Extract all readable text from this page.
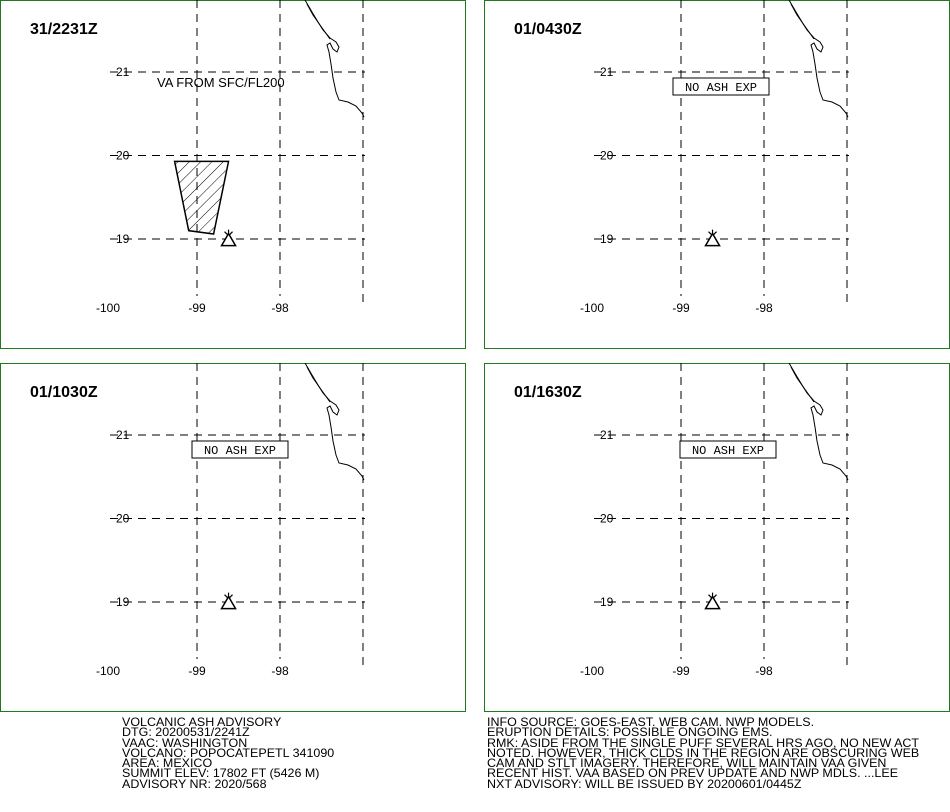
21
20
19
-100	-99	-98
31/2231Z
VA FROM SFC/FL200
21
20
19
-100	-99	-98
01/0430Z
NO ASH EXP
21
20
19
-100	-99	-98
01/1030Z
NO ASH EXP
21
20
19
-100	-99	-98
01/1630Z
NO ASH EXP
VOLCANIC ASH ADVISORY
DTG: 20200531/2241Z
VAAC: WASHINGTON
VOLCANO: POPOCATEPETL 341090
AREA: MEXICO
SUMMIT ELEV: 17802 FT (5426 M)
ADVISORY NR: 2020/568
INFO SOURCE: GOES-EAST. WEB CAM. NWP MODELS.
ERUPTION DETAILS: POSSIBLE ONGOING EMS.
RMK: ASIDE FROM THE SINGLE PUFF SEVERAL HRS AGO, NO NEW ACT
NOTED. HOWEVER, THICK CLDS IN THE REGION ARE OBSCURING WEB
CAM AND STLT IMAGERY. THEREFORE, WILL MAINTAIN VAA GIVEN
RECENT HIST. VAA BASED ON PREV UPDATE AND NWP MDLS. ...LEE
NXT ADVISORY: WILL BE ISSUED BY 20200601/0445Z
